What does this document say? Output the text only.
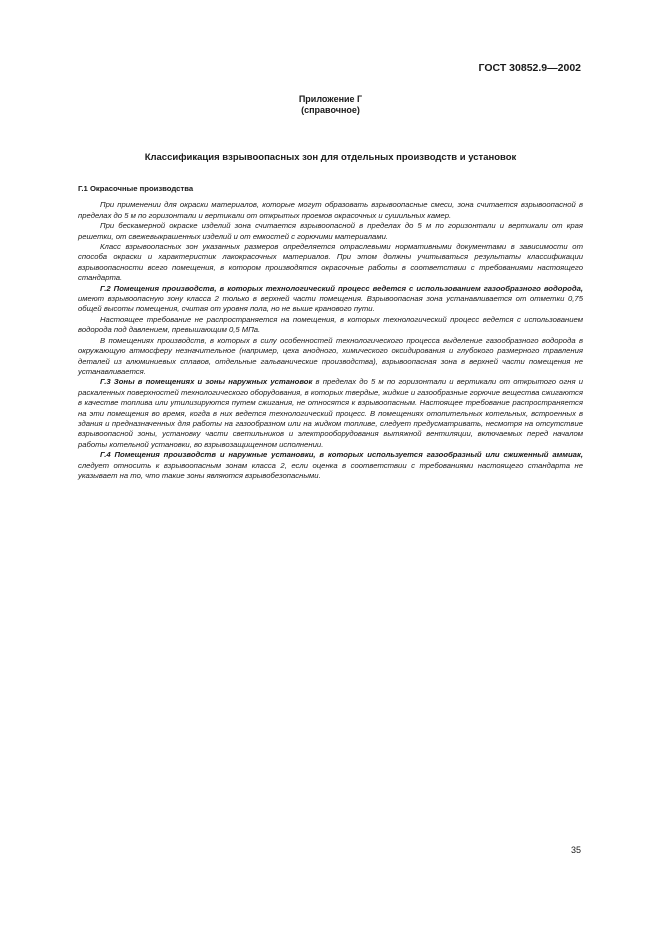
ГОСТ 30852.9—2002
Приложение Г
(справочное)
Классификация взрывоопасных зон для отдельных производств и установок
Г.1 Окрасочные производства

При применении для окраски материалов, которые могут образовать взрывоопасные смеси, зона считается взрывоопасной в пределах до 5 м по горизонтали и вертикали от открытых проемов окрасочных и сушильных камер.

При бескамерной окраске изделий зона считается взрывоопасной в пределах до 5 м по горизонтали и вертикали от края решетки, от свежевыкрашенных изделий и от емкостей с горючими материалами.

Класс взрывоопасных зон указанных размеров определяется отраслевыми нормативными документами в зависимости от способа окраски и характеристик лакокрасочных материалов. При этом должны учитываться результаты классификации взрывоопасности всего помещения, в котором производятся окрасочные работы в соответствии с требованиями настоящего стандарта.

Г.2 Помещения производств, в которых технологический процесс ведется с использованием газообразного водорода, имеют взрывоопасную зону класса 2 только в верхней части помещения. Взрывоопасная зона устанавливается от отметки 0,75 общей высоты помещения, считая от уровня пола, но не выше кранового пути.

Настоящее требование не распространяется на помещения, в которых технологический процесс ведется с использованием водорода под давлением, превышающим 0,5 МПа.

В помещениях производств, в которых в силу особенностей технологического процесса выделение газообразного водорода в окружающую атмосферу незначительное (например, цеха анодного, химического оксидирования и глубокого размерного травления деталей из алюминиевых сплавов, отдельные гальванические производства), взрывоопасная зона в верхней части помещения не устанавливается.

Г.3 Зоны в помещениях и зоны наружных установок в пределах до 5 м по горизонтали и вертикали от открытого огня и раскаленных поверхностей технологического оборудования, в которых твердые, жидкие и газообразные горючие вещества сжигаются в качестве топлива или утилизируются путем сжигания, не относятся к взрывоопасным. Настоящее требование распространяется на эти помещения во время, когда в них ведется технологический процесс. В помещениях отопительных котельных, встроенных в здания и предназначенных для работы на газообразном или на жидком топливе, следует предусматривать, несмотря на отсутствие взрывоопасной зоны, установку части светильников и электрооборудования вытяжной вентиляции, включаемых перед началом работы котельной установки, во взрывозащищенном исполнении.

Г.4 Помещения производств и наружные установки, в которых используется газообразный или сжиженный аммиак, следует относить к взрывоопасным зонам класса 2, если оценка в соответствии с требованиями настоящего стандарта не указывает на то, что такие зоны являются взрывобезопасными.

35
